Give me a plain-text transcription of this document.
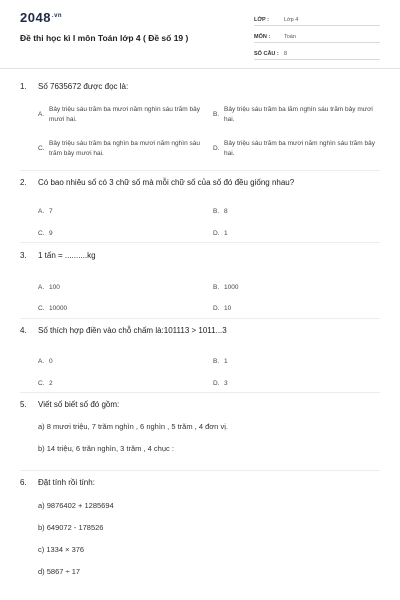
$2048^{.vn}$
Đề thi học kì I môn Toán lớp 4 ( Đề số 19 )
LỚP :	Lớp 4
MÔN :	Toán
SỐ CÂU : 8
1.	Số 7635672 được đọc là:
A.
Bảy triệu sáu trăm ba mươi năm nghìn sáu trăm bảy mươi hai.
B.
Bảy triệu sáu trăm ba lăm nghìn sáu trăm bảy mươi hai.
C.
Bảy triệu sáu trăm ba nghìn ba mươi năm nghìn sáu trăm bảy mươi hai.
D.
Bảy triệu sáu trăm ba mươi năm nghìn sáu trăm bảy hai.
2.	Có bao nhiêu số có 3 chữ số mà mỗi chữ số của số đó đều giống nhau?
A. 7	B. 8
C. 9	D. 1
3.	1 tấn = ..........kg
A. 100	B. 1000
C. 10000	D. 10
4.	Số thích hợp điền vào chỗ chấm là:101113 > 1011...3
A. 0	B. 1
C. 2	D. 3
5.	Viết số biết số đó gồm:
a) 8 mươi triệu, 7 trăm nghìn , 6 nghìn , 5 trăm , 4 đơn vị.
b) 14 triệu, 6 trăn nghìn, 3 trăm , 4 chục :
6.	Đặt tính rồi tính:
a) 9876402 + 1285694
b) 649072 - 178526
c) 1334 × 376
d) 5867 ÷ 17
